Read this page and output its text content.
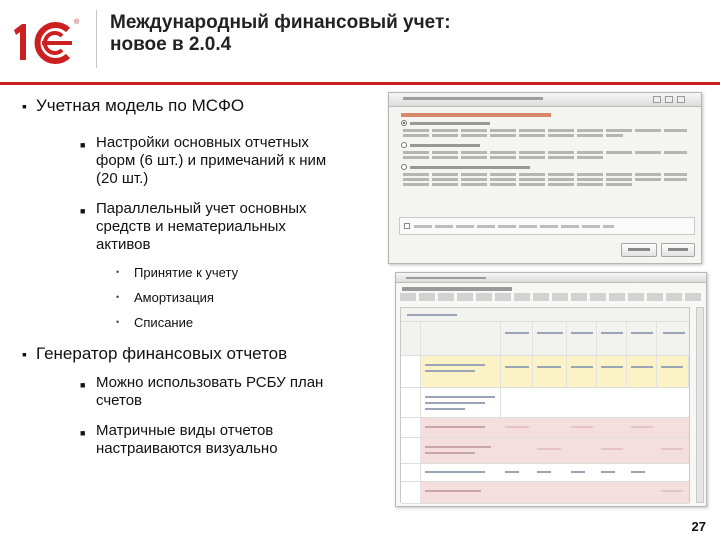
® Международный финансовый учет:
новое в 2.0.4
▪ Учетная модель по МСФО
■ Настройки основных отчетных
форм (6 шт.) и примечаний к ним
(20 шт.)
■ Параллельный учет основных
средств и нематериальных
активов
• Принятие к учету
• Амортизация
• Списание
▪ Генератор финансовых отчетов
■ Можно использовать РСБУ план
счетов
■ Матричные виды отчетов
настраиваются визуально
27
